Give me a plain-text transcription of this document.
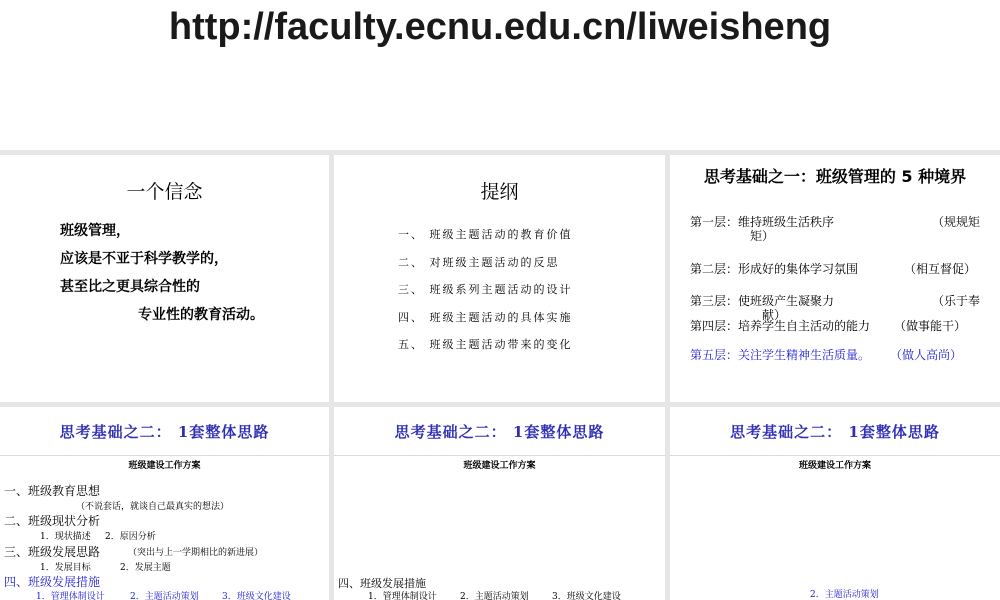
http://faculty.ecnu.edu.cn/liweisheng
一个信念
班级管理，
应该是不亚于科学教学的，
甚至比之更具综合性的
专业性的教育活动。
提纲
一、 班级主题活动的教育价值
二、 对班级主题活动的反思
三、 班级系列主题活动的设计
四、 班级主题活动的具体实施
五、 班级主题活动带来的变化
思考基础之一：班级管理的 5 种境界
第一层：维持班级生活秩序	（规规矩
矩）
第二层：形成好的集体学习氛围	（相互督促）
第三层：使班级产生凝聚力	（乐于奉
献）
第四层：培养学生自主活动的能力 （做事能干）
第五层：关注学生精神生活质量。 （做人高尚）
思考基础之二： 1套整体思路
班级建设工作方案
一、班级教育思想
（不说套话，就谈自己最真实的想法）
二、班级现状分析
1．现状描述 2．原因分析
三、班级发展思路	（突出与上一学期相比的新进展）
1．发展目标	2．发展主题
四、班级发展措施
1．管理体制设计	2．主题活动策划	3．班级文化建设
思考基础之二： 1套整体思路
班级建设工作方案
四、班级发展措施
1．管理体制设计	2．主题活动策划	3．班级文化建设
思考基础之二： 1套整体思路
班级建设工作方案
2．主题活动策划
